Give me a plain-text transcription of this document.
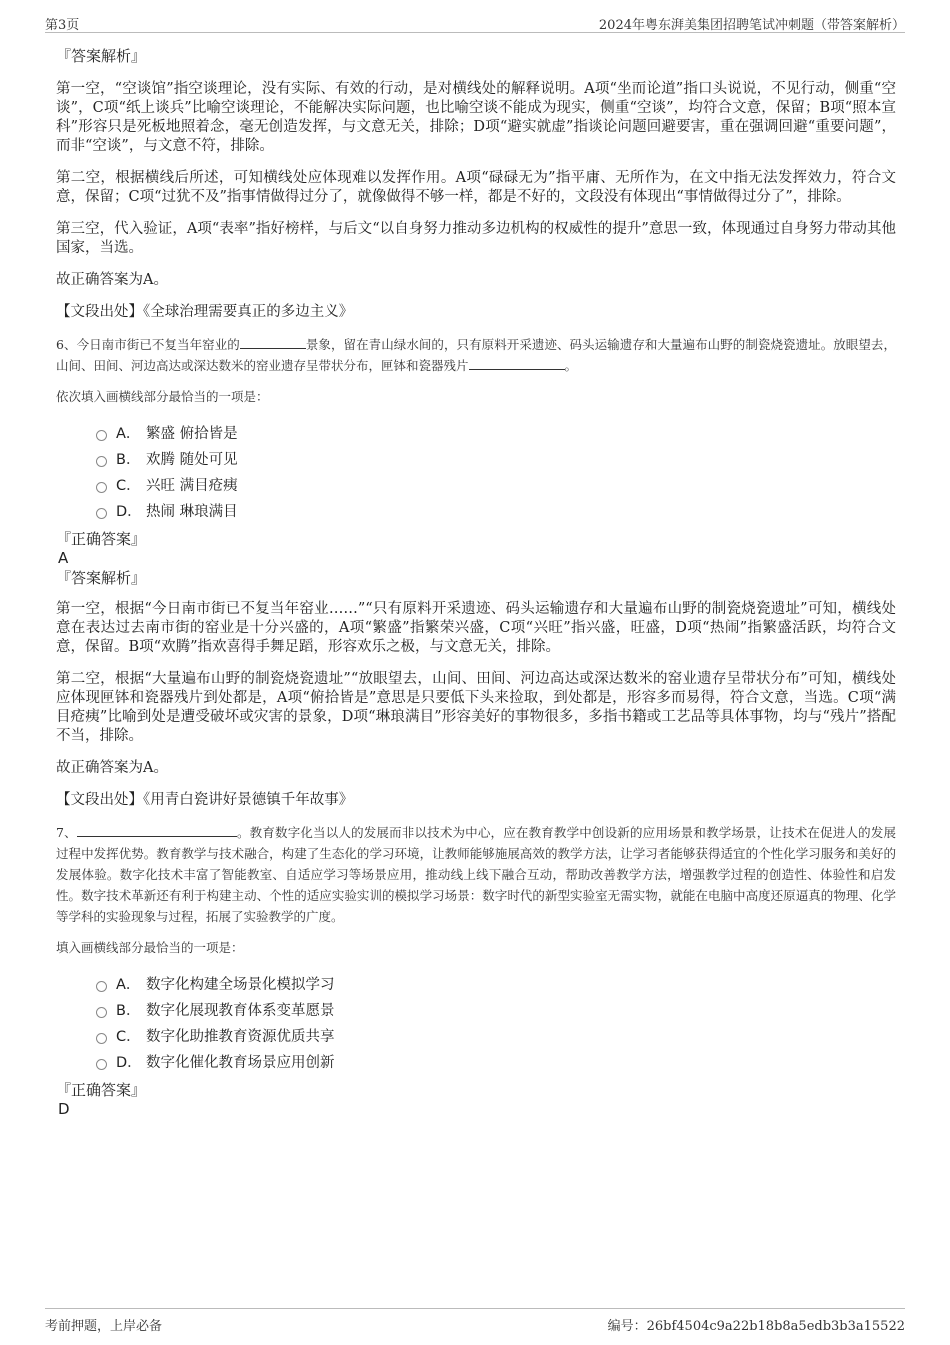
第3页	2024年粤东湃美集团招聘笔试冲刺题（带答案解析）

『答案解析』

第一空，“空谈馆”指空谈理论，没有实际、有效的行动，是对横线处的解释说明。A项“坐而论道”指口头说说，不见行动，侧重“空谈”，C项“纸上谈兵”比喻空谈理论，不能解决实际问题，也比喻空谈不能成为现实，侧重“空谈”，均符合文意，保留；B项“照本宣科”形容只是死板地照着念，毫无创造发挥，与文意无关，排除；D项“避实就虚”指谈论问题回避要害，重在强调回避“重要问题”，而非“空谈”，与文意不符，排除。

第二空，根据横线后所述，可知横线处应体现难以发挥作用。A项“碌碌无为”指平庸、无所作为，在文中指无法发挥效力，符合文意，保留；C项“过犹不及”指事情做得过分了，就像做得不够一样，都是不好的，文段没有体现出“事情做得过分了”，排除。

第三空，代入验证，A项“表率”指好榜样，与后文“以自身努力推动多边机构的权威性的提升”意思一致，体现通过自身努力带动其他国家，当选。

故正确答案为A。

【文段出处】《全球治理需要真正的多边主义》

6、今日南市街已不复当年窑业的	景象，留在青山绿水间的，只有原料开采遗迹、码头运输遗存和大量遍布山野的制瓷烧瓷遗址。放眼望去，山间、田间、河边高达或深达数米的窑业遗存呈带状分布，匣钵和瓷器残片	。

依次填入画横线部分最恰当的一项是：

A． 繁盛 俯拾皆是
B． 欢腾 随处可见
C． 兴旺 满目疮痍
D． 热闹 琳琅满目

『正确答案』

A

『答案解析』

第一空，根据“今日南市街已不复当年窑业……”“只有原料开采遗迹、码头运输遗存和大量遍布山野的制瓷烧瓷遗址”可知，横线处意在表达过去南市街的窑业是十分兴盛的，A项“繁盛”指繁荣兴盛，C项“兴旺”指兴盛，旺盛，D项“热闹”指繁盛活跃，均符合文意，保留。B项“欢腾”指欢喜得手舞足蹈，形容欢乐之极，与文意无关，排除。

第二空，根据“大量遍布山野的制瓷烧瓷遗址”“放眼望去，山间、田间、河边高达或深达数米的窑业遗存呈带状分布”可知，横线处应体现匣钵和瓷器残片到处都是，A项“俯拾皆是”意思是只要低下头来捡取，到处都是，形容多而易得，符合文意，当选。C项“满目疮痍”比喻到处是遭受破坏或灾害的景象，D项“琳琅满目”形容美好的事物很多，多指书籍或工艺品等具体事物，均与“残片”搭配不当，排除。

故正确答案为A。

【文段出处】《用青白瓷讲好景德镇千年故事》

7、	。教育数字化当以人的发展而非以技术为中心，应在教育教学中创设新的应用场景和教学场景，让技术在促进人的发展过程中发挥优势。教育教学与技术融合，构建了生态化的学习环境，让教师能够施展高效的教学方法，让学习者能够获得适宜的个性化学习服务和美好的发展体验。数字化技术丰富了智能教室、自适应学习等场景应用，推动线上线下融合互动，帮助改善教学方法，增强教学过程的创造性、体验性和启发性。数字技术革新还有利于构建主动、个性的适应实验实训的模拟学习场景：数字时代的新型实验室无需实物，就能在电脑中高度还原逼真的物理、化学等学科的实验现象与过程，拓展了实验教学的广度。

填入画横线部分最恰当的一项是：

A． 数字化构建全场景化模拟学习
B． 数字化展现教育体系变革愿景
C． 数字化助推教育资源优质共享
D． 数字化催化教育场景应用创新

『正确答案』

D

考前押题，上岸必备	编号：26bf4504c9a22b18b8a5edb3b3a15522
